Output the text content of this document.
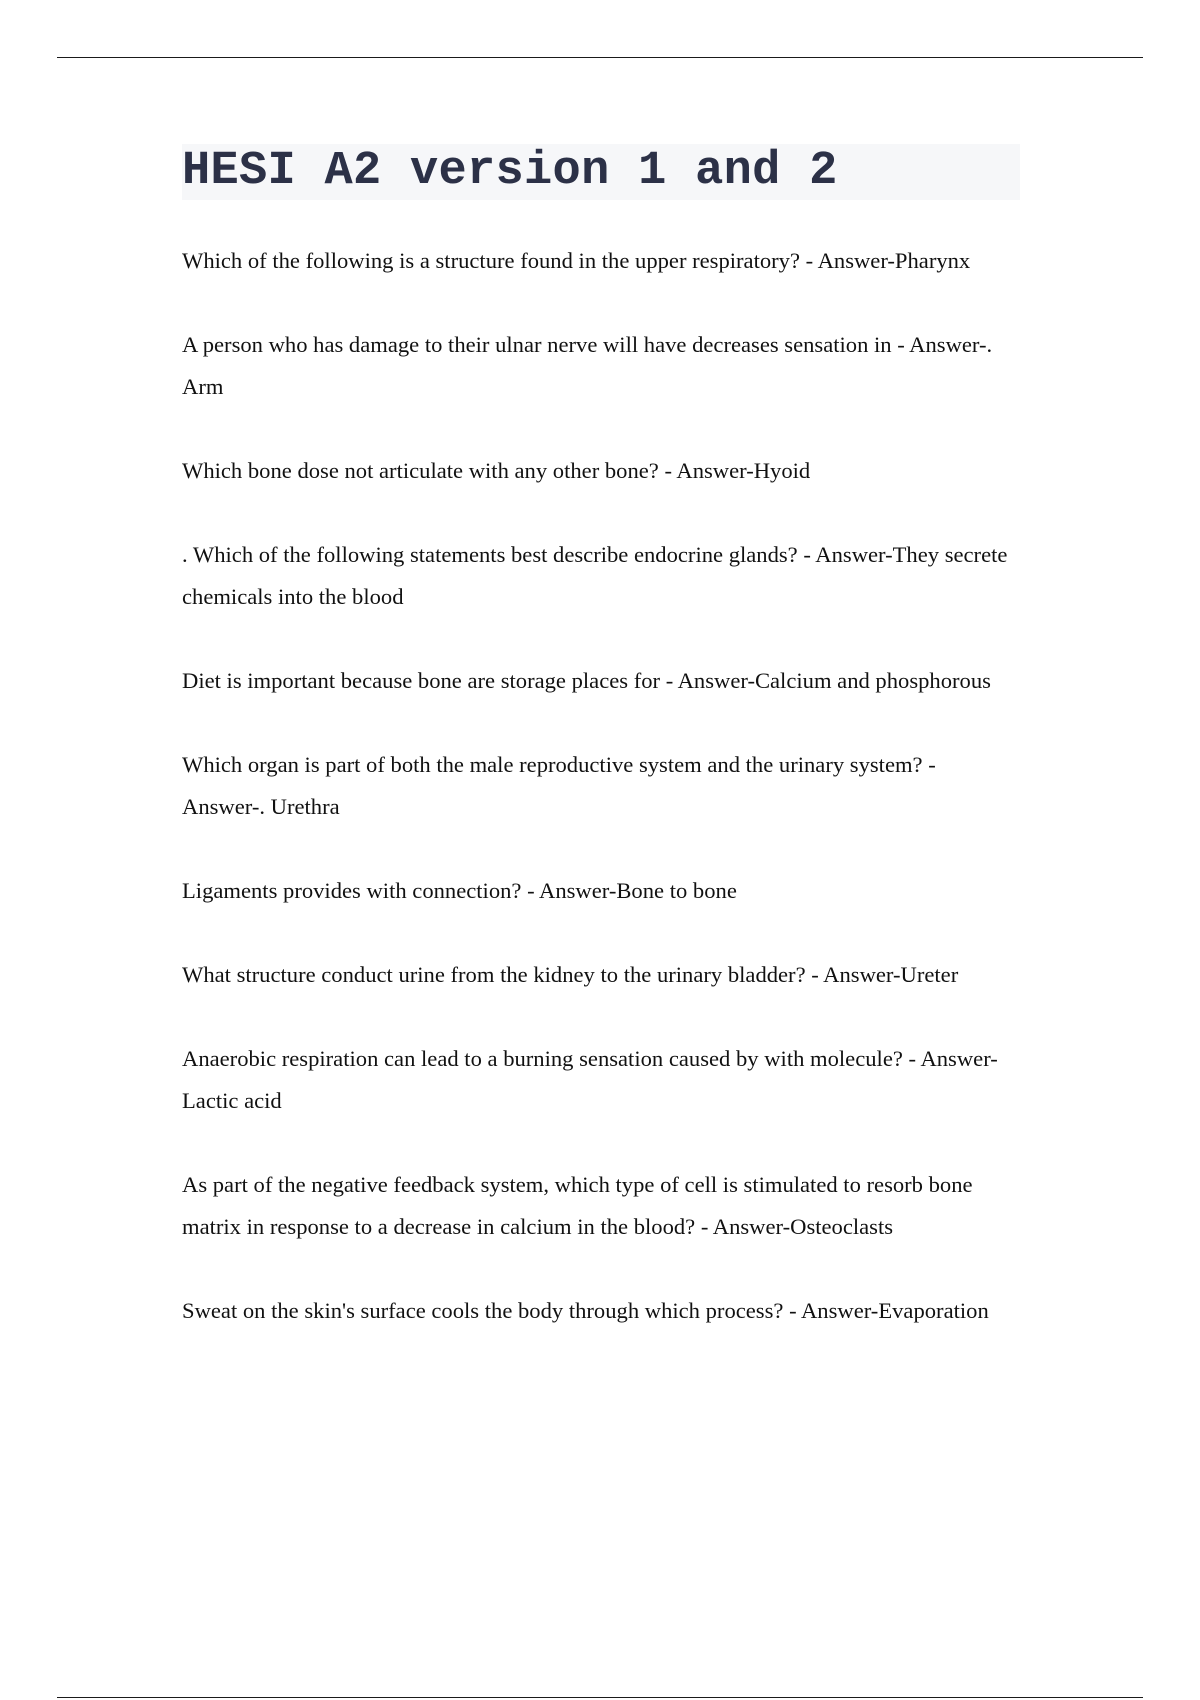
HESI A2 version 1 and 2
Which of the following is a structure found in the upper respiratory? - Answer-Pharynx
A person who has damage to their ulnar nerve will have decreases sensation in - Answer-. Arm
Which bone dose not articulate with any other bone? - Answer-Hyoid
. Which of the following statements best describe endocrine glands? - Answer-They secrete chemicals into the blood
Diet is important because bone are storage places for - Answer-Calcium and phosphorous
Which organ is part of both the male reproductive system and the urinary system? - Answer-. Urethra
Ligaments provides with connection? - Answer-Bone to bone
What structure conduct urine from the kidney to the urinary bladder? - Answer-Ureter
Anaerobic respiration can lead to a burning sensation caused by with molecule? - Answer-Lactic acid
As part of the negative feedback system, which type of cell is stimulated to resorb bone matrix in response to a decrease in calcium in the blood? - Answer-Osteoclasts
Sweat on the skin's surface cools the body through which process? - Answer-Evaporation
